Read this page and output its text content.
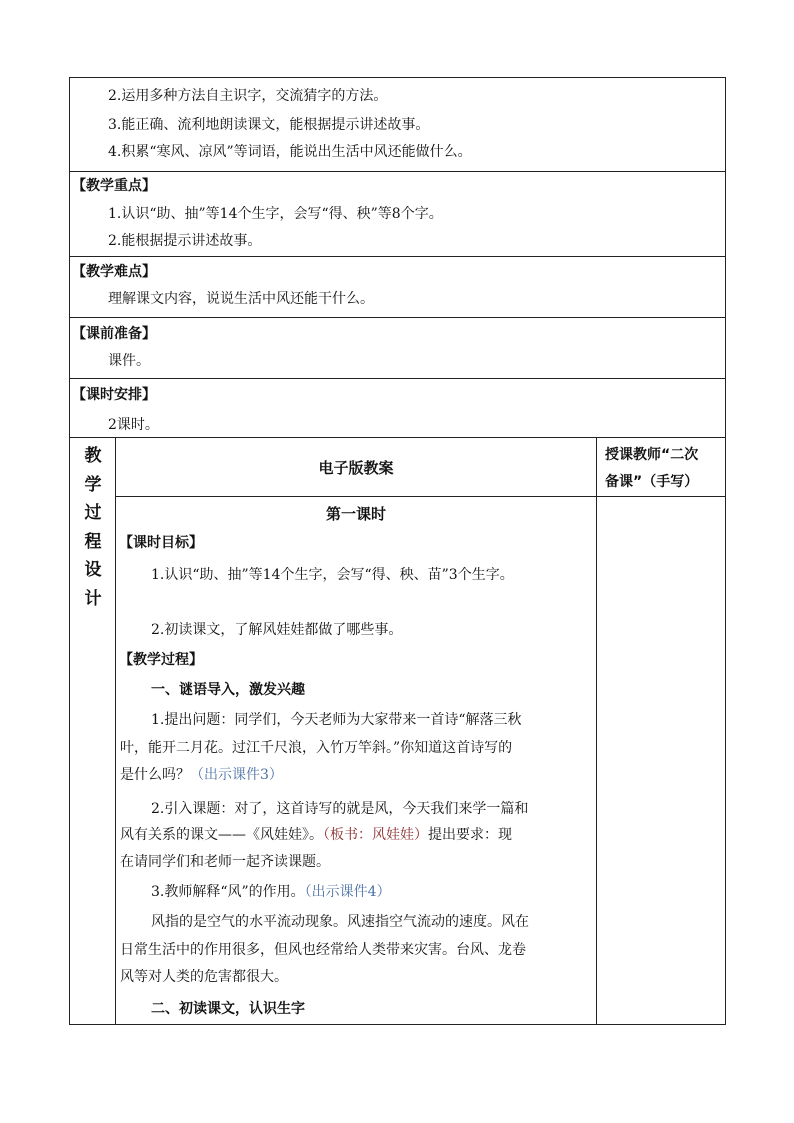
2.运用多种方法自主识字，交流猜字的方法。
3.能正确、流利地朗读课文，能根据提示讲述故事。
4.积累“寒风、凉风”等词语，能说出生活中风还能做什么。
【教学重点】
1.认识“助、抽”等14个生字，会写“得、秧”等8个字。
2.能根据提示讲述故事。
【教学难点】
理解课文内容，说说生活中风还能干什么。
【课前准备】
课件。
【课时安排】
2课时。
教
学
过
程
设
计
电子版教案
授课教师“二次
备课”（手写）
第一课时
【课时目标】
1.认识“助、抽”等14个生字，会写“得、秧、苗”3个生字。
2.初读课文，了解风娃娃都做了哪些事。
【教学过程】
一、谜语导入，激发兴趣
1.提出问题：同学们，今天老师为大家带来一首诗“解落三秋
叶，能开二月花。过江千尺浪，入竹万竿斜。”你知道这首诗写的
是什么吗？（出示课件3）
2.引入课题：对了，这首诗写的就是风，今天我们来学一篇和
风有关系的课文——《风娃娃》。（板书：风娃娃）提出要求：现
在请同学们和老师一起齐读课题。
3.教师解释“风”的作用。（出示课件4）
风指的是空气的水平流动现象。风速指空气流动的速度。风在
日常生活中的作用很多，但风也经常给人类带来灾害。台风、龙卷
风等对人类的危害都很大。
二、初读课文，认识生字
